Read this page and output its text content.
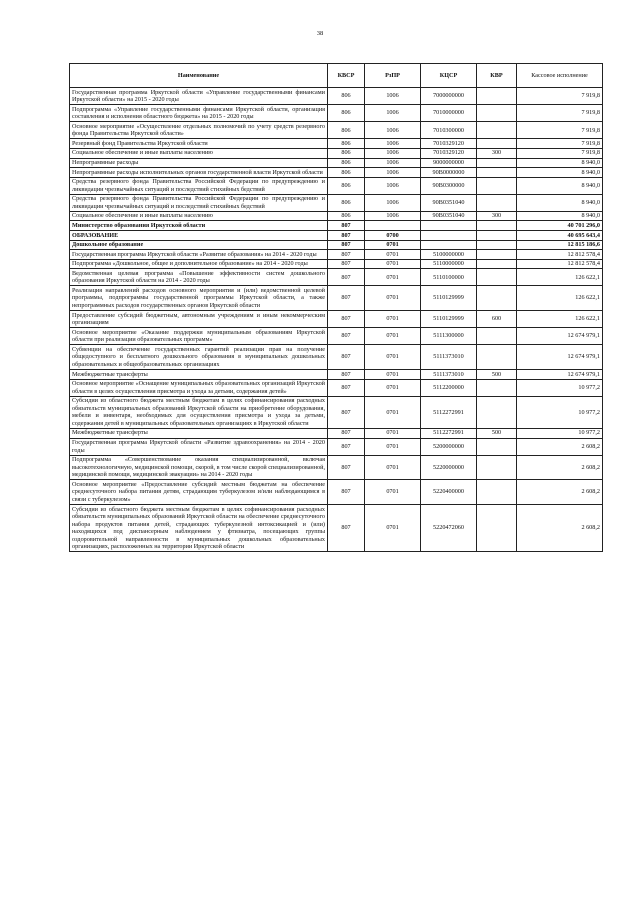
38
Наименование	КВСР	РзПР	КЦСР	КВР	Кассовое исполнение
Государственная программа Иркутской области «Управление государственными финансами Иркутской области» на 2015 - 2020 годы	806	1006	7000000000		7 919,8
Подпрограмма «Управление государственными финансами Иркутской области, организация составления и исполнения областного бюджета» на 2015 - 2020 годы	806	1006	7010000000		7 919,8
Основное мероприятие «Осуществление отдельных полномочий по учету средств резервного фонда Правительства Иркутской области»	806	1006	7010300000		7 919,8
Резервный фонд Правительства Иркутской области	806	1006	7010329120		7 919,8
Социальное обеспечение и иные выплаты населению	806	1006	7010329120	300	7 919,8
Непрограммные расходы	806	1006	9000000000		8 940,0
Непрограммные расходы исполнительных органов государственной власти Иркутской области	806	1006	90В0000000		8 940,0
Средства резервного фонда Правительства Российской Федерации по предупреждению и ликвидации чрезвычайных ситуаций и последствий стихийных бедствий	806	1006	90В0300000		8 940,0
Средства резервного фонда Правительства Российской Федерации по предупреждению и ликвидации чрезвычайных ситуаций и последствий стихийных бедствий	806	1006	90В0351040		8 940,0
Социальное обеспечение и иные выплаты населению	806	1006	90В0351040	300	8 940,0
Министерство образования Иркутской области	807				40 701 296,0
ОБРАЗОВАНИЕ	807	0700			40 695 643,4
Дошкольное образование	807	0701			12 815 186,6
Государственная программа Иркутской области «Развитие образования» на 2014 - 2020 годы	807	0701	5100000000		12 812 578,4
Подпрограмма «Дошкольное, общее и дополнительное образование» на 2014 - 2020 годы	807	0701	5110000000		12 812 578,4
Ведомственная целевая программа «Повышение эффективности систем дошкольного образования Иркутской области на 2014 - 2020 годы	807	0701	5110100000		126 622,1
Реализация направлений расходов основного мероприятия и (или) ведомственной целевой программы, подпрограммы государственной программы Иркутской области, а также непрограммных расходов государственных органов Иркутской области	807	0701	5110129999		126 622,1
Предоставление субсидий бюджетным, автономным учреждениям и иным некоммерческим организациям	807	0701	5110129999	600	126 622,1
Основное мероприятие «Оказание поддержки муниципальным образованиям Иркутской области при реализации образовательных программ»	807	0701	5111300000		12 674 979,1
Субвенции на обеспечение государственных гарантий реализации прав на получение общедоступного и бесплатного дошкольного образования в муниципальных дошкольных образовательных и общеобразовательных организациях	807	0701	5111373010		12 674 979,1
Межбюджетные трансферты	807	0701	5111373010	500	12 674 979,1
Основное мероприятие «Оснащение муниципальных образовательных организаций Иркутской области в целях осуществления присмотра и ухода за детьми, содержания детей»	807	0701	5112200000		10 977,2
Субсидии из областного бюджета местным бюджетам в целях софинансирования расходных обязательств муниципальных образований Иркутской области на приобретение оборудования, мебели и инвентаря, необходимых для осуществления присмотра и ухода за детьми, содержания детей в муниципальных образовательных организациях в Иркутской области	807	0701	5112272991		10 977,2
Межбюджетные трансферты	807	0701	5112272991	500	10 977,2
Государственная программа Иркутской области «Развитие здравоохранения» на 2014 - 2020 годы	807	0701	5200000000		2 608,2
Подпрограмма «Совершенствование оказания специализированной, включая высокотехнологичную, медицинской помощи, скорой, в том числе скорой специализированной, медицинской помощи, медицинской эвакуации» на 2014 - 2020 годы	807	0701	5220000000		2 608,2
Основное мероприятие «Предоставление субсидий местным бюджетам на обеспечение среднесуточного набора питания детям, страдающим туберкулезом и/или наблюдающимся в связи с туберкулезом»	807	0701	5220400000		2 608,2
Субсидии из областного бюджета местным бюджетам в целях софинансирования расходных обязательств муниципальных образований Иркутской области на обеспечение среднесуточного набора продуктов питания детей, страдающих туберкулезной интоксикацией и (или) находящихся под диспансерным наблюдением у фтизиатра, посещающих группы оздоровительной направленности в муниципальных дошкольных образовательных организациях, расположенных на территории Иркутской области	807	0701	5220472060		2 608,2
